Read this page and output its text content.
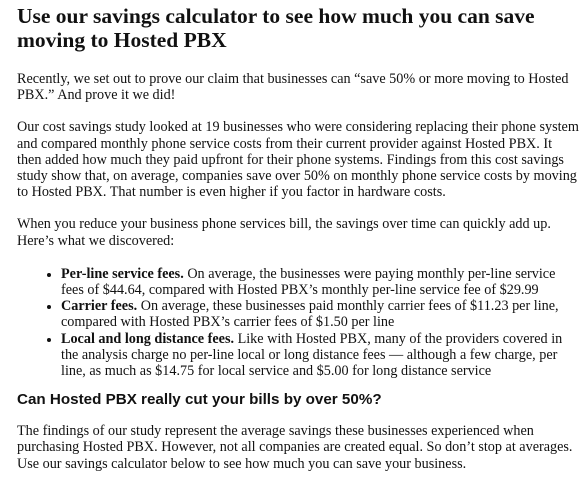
Use our savings calculator to see how much you can save moving to Hosted PBX

Recently, we set out to prove our claim that businesses can “save 50% or more moving to Hosted PBX.” And prove it we did!

Our cost savings study looked at 19 businesses who were considering replacing their phone system and compared monthly phone service costs from their current provider against Hosted PBX. It then added how much they paid upfront for their phone systems. Findings from this cost savings study show that, on average, companies save over 50% on monthly phone service costs by moving to Hosted PBX. That number is even higher if you factor in hardware costs.

When you reduce your business phone services bill, the savings over time can quickly add up. Here’s what we discovered:

• Per-line service fees. On average, the businesses were paying monthly per-line service fees of $44.64, compared with Hosted PBX’s monthly per-line service fee of $29.99
• Carrier fees. On average, these businesses paid monthly carrier fees of $11.23 per line, compared with Hosted PBX’s carrier fees of $1.50 per line
• Local and long distance fees. Like with Hosted PBX, many of the providers covered in the analysis charge no per-line local or long distance fees — although a few charge, per line, as much as $14.75 for local service and $5.00 for long distance service
Can Hosted PBX really cut your bills by over 50%?

The findings of our study represent the average savings these businesses experienced when purchasing Hosted PBX. However, not all companies are created equal. So don’t stop at averages. Use our savings calculator below to see how much you can save your business.
